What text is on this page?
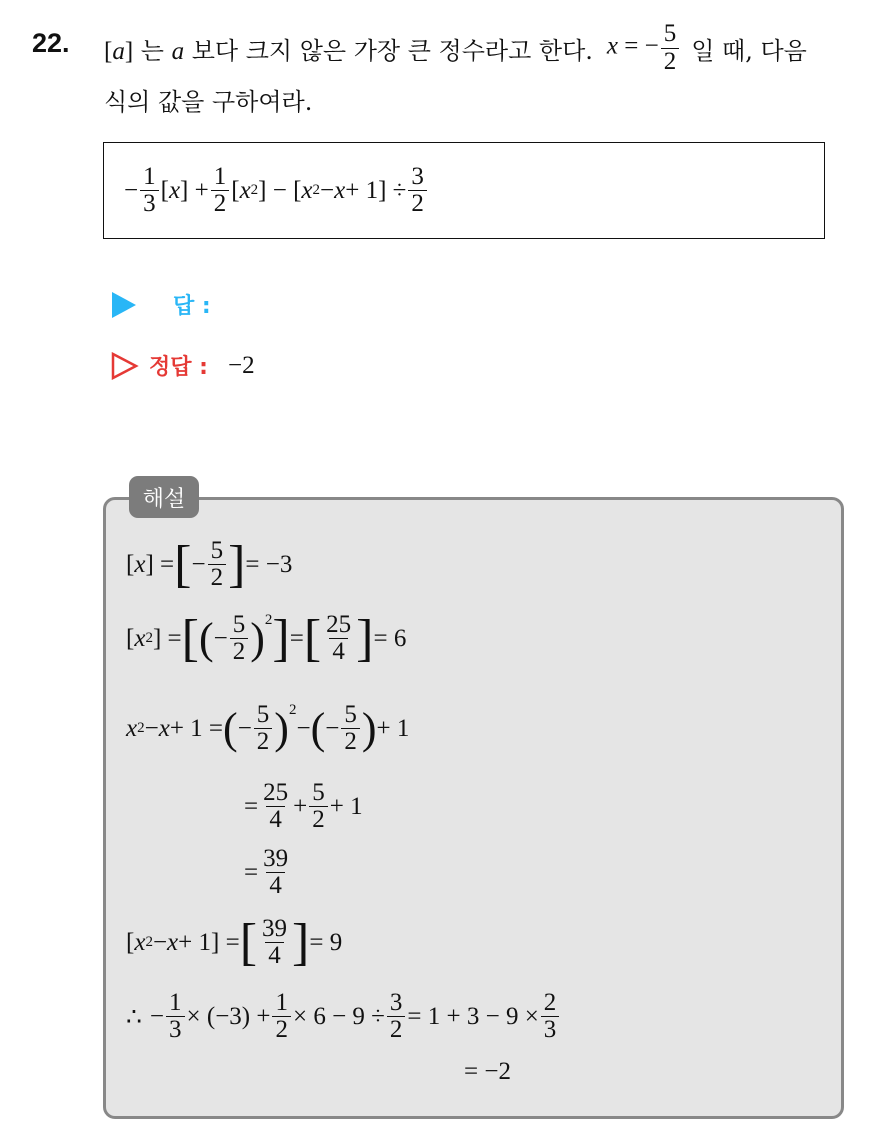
22. [a] 는 a 보다 크지 않은 가장 큰 정수라고 한다. x = − $\frac{5}{2}$ 일 때, 다음
식의 값을 구하여라.
− $\frac{1}{3}$ [ x ] + $\frac{1}{2}$ [ x 2 ] − [ x $2 - x + 1] \div \frac{3}{2}$
답 :
정답 : −2
해설
[ x ] = [ − $\frac{5}{2}$ ] = −3
[ x 2 ] = [ ( − $\frac{5}{2} )^2$ ] = [ $\frac{25}{4}$ ] = 6
x 2 − x + 1 = ( − $\frac{5}{2} )^2$
− ( − $\frac{5}{2}$ ) + 1
= $\frac{25}{4} + \frac{5}{2} + 1$
= $\frac{39}{4}$
[ x 2 − x + 1] = [ $\frac{39}{4}$ ] = 9
∴
− $\frac{1}{3} \times (-3) + \frac{1}{2} \times 6 - 9 \div \frac{3}{2} = 1 + 3 - 9 \times \frac{2}{3}$
= −2
